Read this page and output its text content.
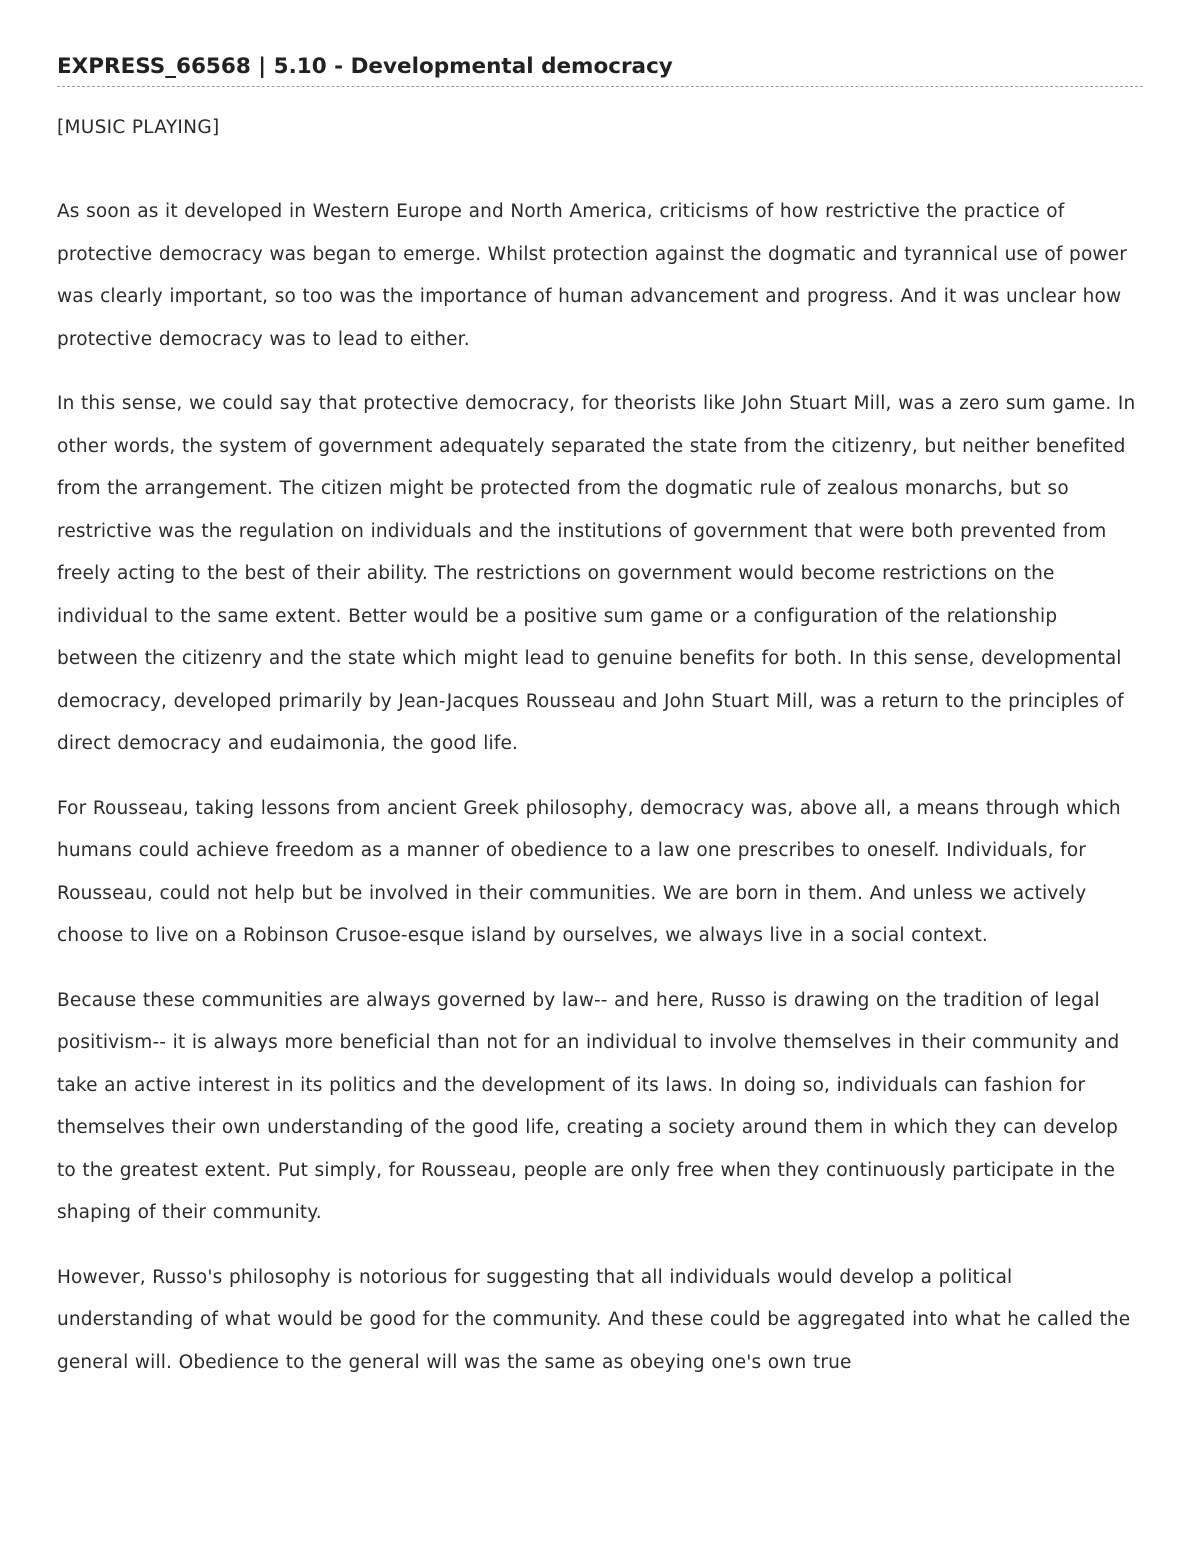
EXPRESS_66568 | 5.10 - Developmental democracy

[MUSIC PLAYING]

As soon as it developed in Western Europe and North America, criticisms of how restrictive the practice of protective democracy was began to emerge. Whilst protection against the dogmatic and tyrannical use of power was clearly important, so too was the importance of human advancement and progress. And it was unclear how protective democracy was to lead to either.

In this sense, we could say that protective democracy, for theorists like John Stuart Mill, was a zero sum game. In other words, the system of government adequately separated the state from the citizenry, but neither benefited from the arrangement. The citizen might be protected from the dogmatic rule of zealous monarchs, but so restrictive was the regulation on individuals and the institutions of government that were both prevented from freely acting to the best of their ability. The restrictions on government would become restrictions on the individual to the same extent. Better would be a positive sum game or a configuration of the relationship between the citizenry and the state which might lead to genuine benefits for both. In this sense, developmental democracy, developed primarily by Jean-Jacques Rousseau and John Stuart Mill, was a return to the principles of direct democracy and eudaimonia, the good life.

For Rousseau, taking lessons from ancient Greek philosophy, democracy was, above all, a means through which humans could achieve freedom as a manner of obedience to a law one prescribes to oneself. Individuals, for Rousseau, could not help but be involved in their communities. We are born in them. And unless we actively choose to live on a Robinson Crusoe-esque island by ourselves, we always live in a social context.

Because these communities are always governed by law-- and here, Russo is drawing on the tradition of legal positivism-- it is always more beneficial than not for an individual to involve themselves in their community and take an active interest in its politics and the development of its laws. In doing so, individuals can fashion for themselves their own understanding of the good life, creating a society around them in which they can develop to the greatest extent. Put simply, for Rousseau, people are only free when they continuously participate in the shaping of their community.

However, Russo's philosophy is notorious for suggesting that all individuals would develop a political understanding of what would be good for the community. And these could be aggregated into what he called the general will. Obedience to the general will was the same as obeying one's own true
